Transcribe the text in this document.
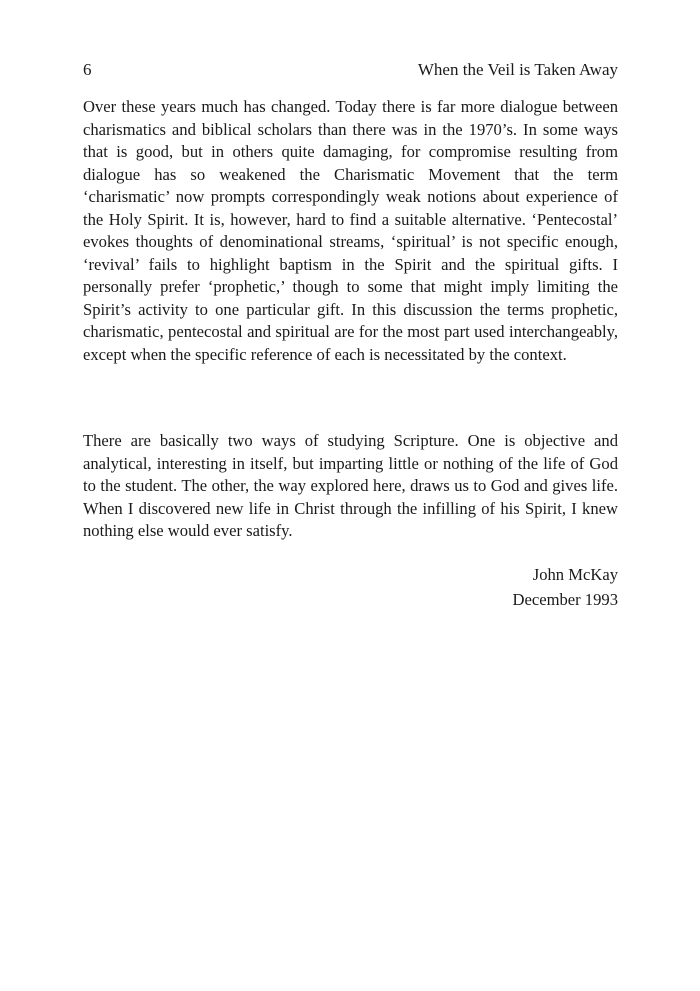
6	When the Veil is Taken Away

Over these years much has changed. Today there is far more dialogue between charismatics and biblical scholars than there was in the 1970’s. In some ways that is good, but in others quite damaging, for compromise resulting from dialogue has so weakened the Charismatic Movement that the term ‘charismatic’ now prompts correspondingly weak notions about experience of the Holy Spirit. It is, however, hard to find a suitable alternative. ‘Pentecostal’ evokes thoughts of denominational streams, ‘spiritual’ is not specific enough, ‘revival’ fails to highlight baptism in the Spirit and the spiritual gifts. I personally prefer ‘prophetic,’ though to some that might imply limiting the Spirit’s activity to one particular gift. In this discussion the terms prophetic, charismatic, pentecostal and spiritual are for the most part used interchangeably, except when the specific reference of each is necessitated by the context.

There are basically two ways of studying Scripture. One is objective and analytical, interesting in itself, but imparting little or nothing of the life of God to the student. The other, the way explored here, draws us to God and gives life. When I discovered new life in Christ through the infilling of his Spirit, I knew nothing else would ever satisfy.

John McKay
December 1993
